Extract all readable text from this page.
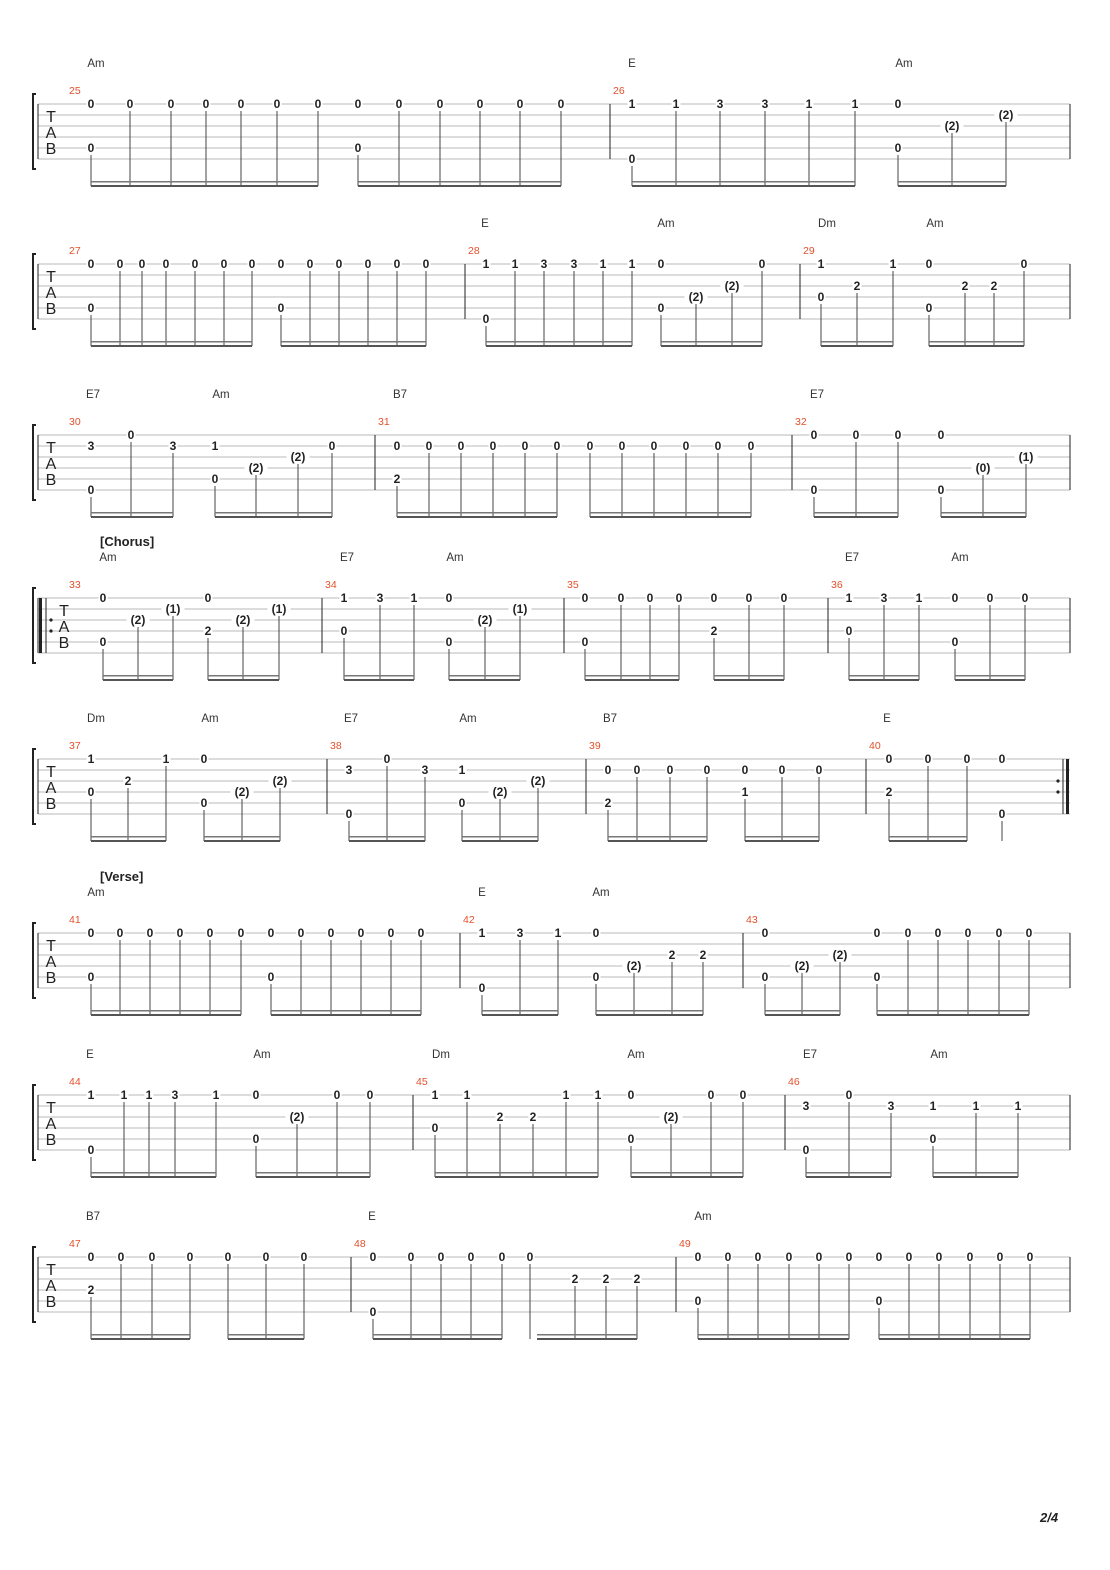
T
A
B
Am	E	Am
25
0
0
0	0 0 0 0	0	0
0
0	0	0	0	0
26
1
0
1	3	3	1	1	0
0
(2)
(2)
T
A
B
E	Am	Dm	Am
27
0
0
0 0 0 0 0 0 0
0
0 0 0 0 0
28
1
0
1 3 3 1 1 0
0
(2)
(2)
0
29
1
0
2
1 0
0
2 2
0
T
A
B
E7	Am	B7	E7
30
3
0
0
3	1
0
(2)
(2)
0
31
0
2
0 0 0 0 0 0 0 0 0 0 0
32
0
0
0	0	0
0
(0)
(1)
T
A
B
[Chorus]
Am	E7	Am	E7	Am
33
0
0
(2)
(1)
0
2
(2)
(1)
34
1
0
3 1 0
0
(2)
(1)
35
0
0
0 0 0 0
2
0 0
36
1
0
3 1 0
0
0 0
T
A
B
Dm	Am	E7	Am	B7	E
37
1
0
2
1	0
0
(2)
(2)
38
3
0
0
3	1
0
(2)
(2)
39
0
2
0 0	0	0
1
0	0
40
0
2
0	0 0
0
T
A
B
[Verse]
Am	E	Am
41
0
0
0 0 0 0 0 0
0
0 0 0 0 0
42
1
0
3	1	0
0
(2)
2 2
43
0
0
(2)
(2)
0
0
0 0 0 0 0
T
A
B
E	Am	Dm	Am	E7	Am
44
1
0
1 1 3	1	0
0
(2)
0 0
45
1
0
1
2 2
1 1 0
0
(2)
0 0
46
3
0
0
3	1
0
1	1
T
A
B
B7	E	Am
47
0
2
0 0	0	0	0	0
48
0
0
0 0 0 0 0
2 2 2
49
0
0
0 0 0 0 0 0
0
0 0 0 0 0
2/4
